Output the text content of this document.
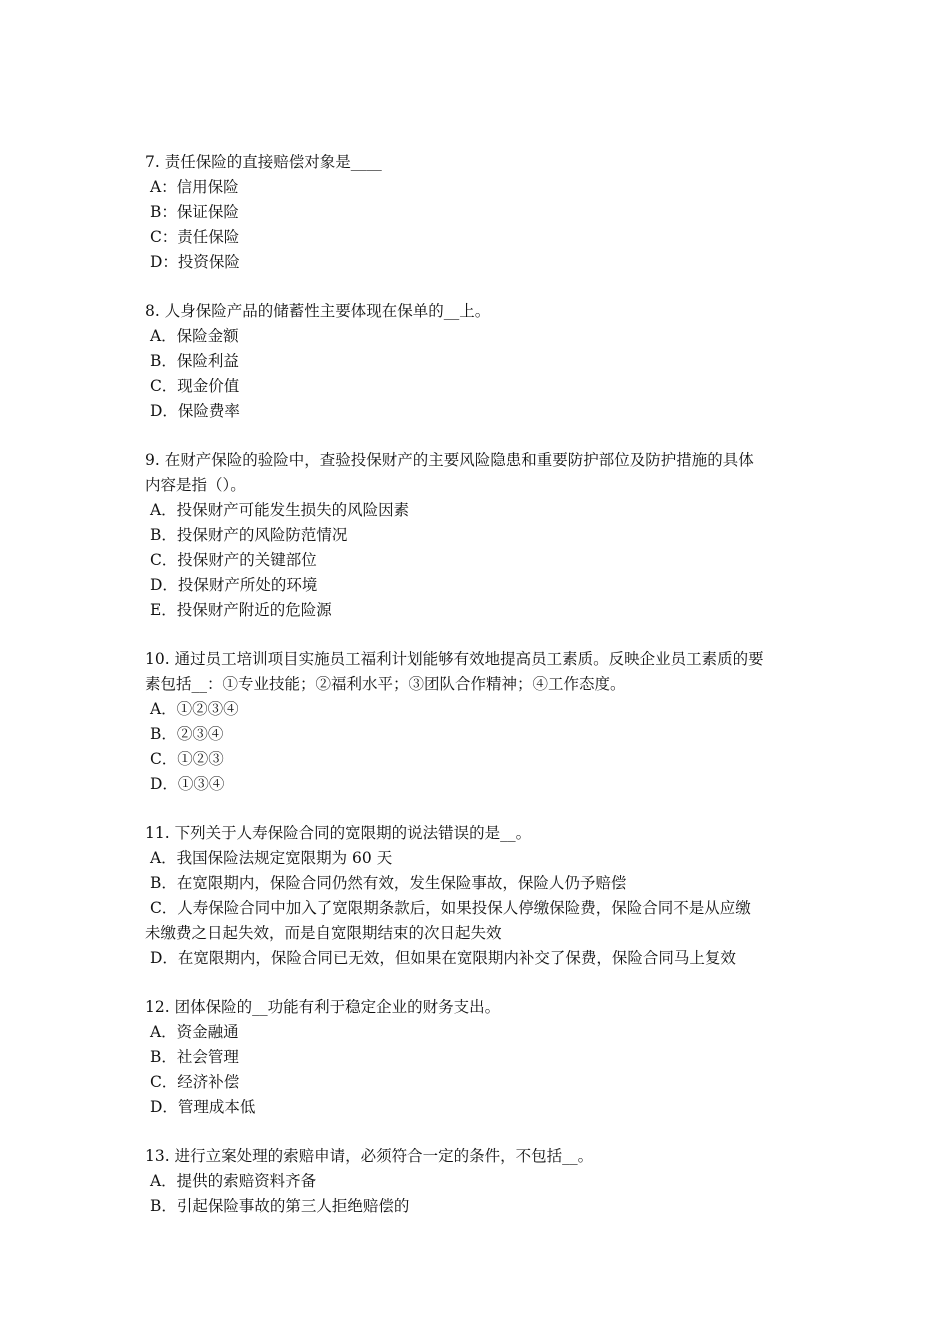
7. 责任保险的直接赔偿对象是____

A：信用保险

B：保证保险

C：责任保险

D：投资保险

8. 人身保险产品的储蓄性主要体现在保单的__上。

A．保险金额

B．保险利益

C．现金价值

D．保险费率

9. 在财产保险的验险中，查验投保财产的主要风险隐患和重要防护部位及防护措施的具体

内容是指（）。

A．投保财产可能发生损失的风险因素

B．投保财产的风险防范情况

C．投保财产的关键部位

D．投保财产所处的环境

E．投保财产附近的危险源

10. 通过员工培训项目实施员工福利计划能够有效地提高员工素质。反映企业员工素质的要

素包括__：①专业技能；②福利水平；③团队合作精神；④工作态度。

A．①②③④

B．②③④

C．①②③

D．①③④

11. 下列关于人寿保险合同的宽限期的说法错误的是__。

A．我国保险法规定宽限期为 60 天

B．在宽限期内，保险合同仍然有效，发生保险事故，保险人仍予赔偿

C．人寿保险合同中加入了宽限期条款后，如果投保人停缴保险费，保险合同不是从应缴

未缴费之日起失效，而是自宽限期结束的次日起失效

D．在宽限期内，保险合同已无效，但如果在宽限期内补交了保费，保险合同马上复效

12. 团体保险的__功能有利于稳定企业的财务支出。

A．资金融通

B．社会管理

C．经济补偿

D．管理成本低

13. 进行立案处理的索赔申请，必须符合一定的条件，不包括__。

A．提供的索赔资料齐备

B．引起保险事故的第三人拒绝赔偿的
